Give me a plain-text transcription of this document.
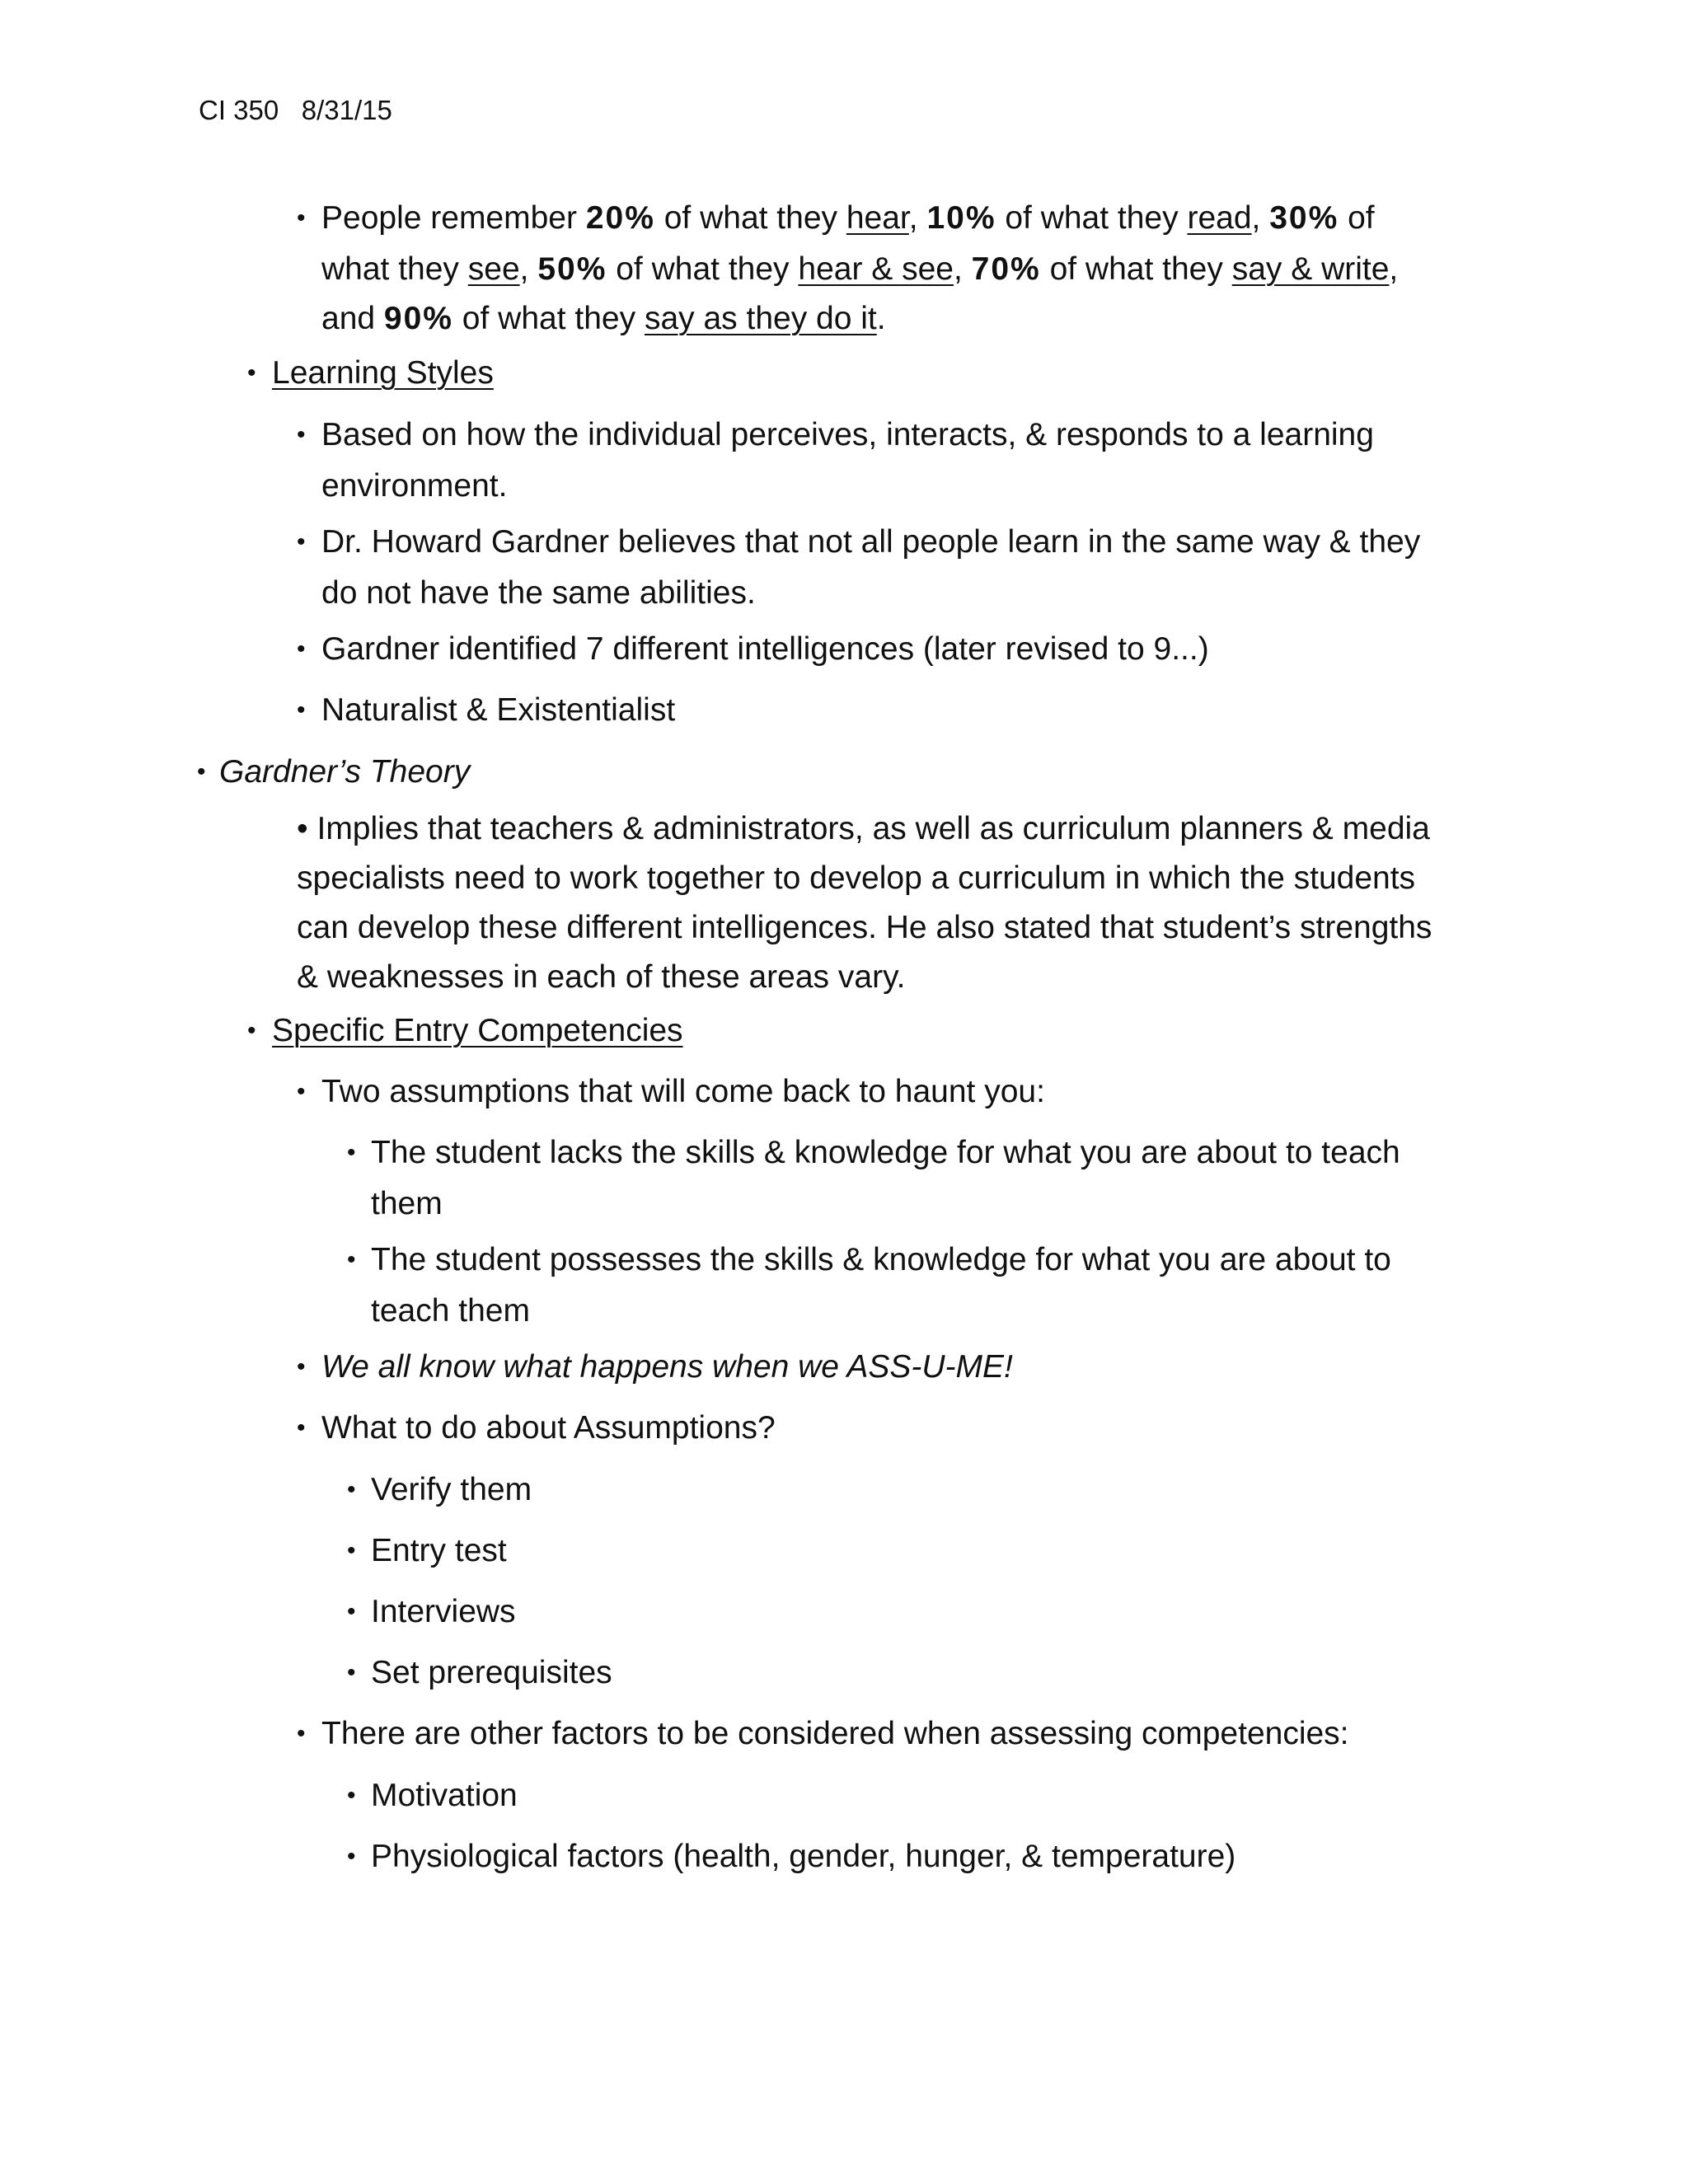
CI 350 8/31/15
• People remember 20% of what they hear, 10% of what they read, 30% of
what they see, 50% of what they hear & see, 70% of what they say & write,
and 90% of what they say as they do it.
• Learning Styles
• Based on how the individual perceives, interacts, & responds to a learning
environment.
• Dr. Howard Gardner believes that not all people learn in the same way & they
do not have the same abilities.
• Gardner identified 7 different intelligences (later revised to 9...)
• Naturalist & Existentialist
• Gardner’s Theory
• Implies that teachers & administrators, as well as curriculum planners & media
specialists need to work together to develop a curriculum in which the students
can develop these different intelligences. He also stated that student’s strengths
& weaknesses in each of these areas vary.
• Specific Entry Competencies
• Two assumptions that will come back to haunt you:
• The student lacks the skills & knowledge for what you are about to teach
them
• The student possesses the skills & knowledge for what you are about to
teach them
• We all know what happens when we ASS-U-ME!
• What to do about Assumptions?
• Verify them
• Entry test
• Interviews
• Set prerequisites
• There are other factors to be considered when assessing competencies:
• Motivation
• Physiological factors (health, gender, hunger, & temperature)
